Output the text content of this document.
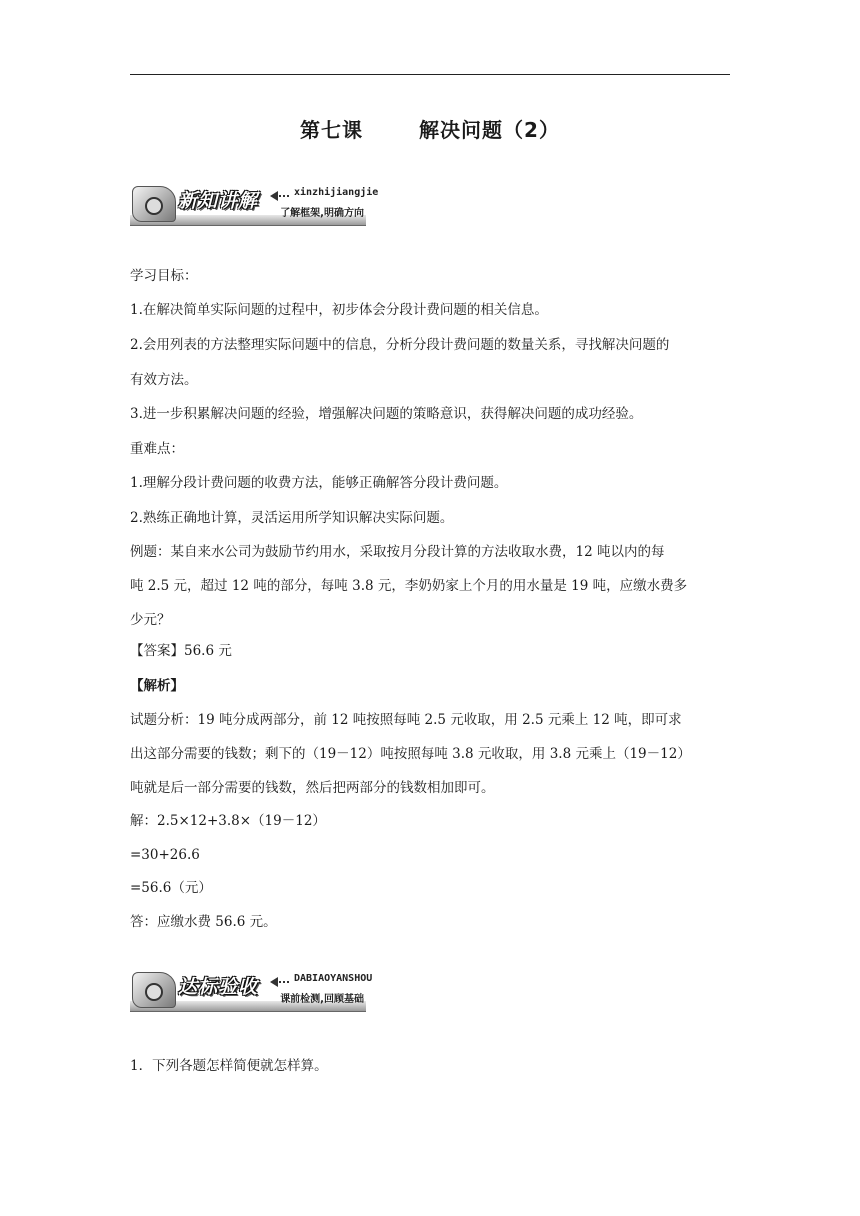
第七课	解决问题（2）
新知讲解	xinzhijiangjie
了解框架,明确方向
学习目标：
1.在解决简单实际问题的过程中，初步体会分段计费问题的相关信息。
2.会用列表的方法整理实际问题中的信息，分析分段计费问题的数量关系，寻找解决问题的
有效方法。
3.进一步积累解决问题的经验，增强解决问题的策略意识，获得解决问题的成功经验。
重难点：
1.理解分段计费问题的收费方法，能够正确解答分段计费问题。
2.熟练正确地计算，灵活运用所学知识解决实际问题。
例题：某自来水公司为鼓励节约用水，采取按月分段计算的方法收取水费，12 吨以内的每
吨 2.5 元，超过 12 吨的部分，每吨 3.8 元，李奶奶家上个月的用水量是 19 吨，应缴水费多
少元？
【答案】56.6 元
【解析】
试题分析：19 吨分成两部分，前 12 吨按照每吨 2.5 元收取，用 2.5 元乘上 12 吨，即可求
出这部分需要的钱数；剩下的（19－12）吨按照每吨 3.8 元收取，用 3.8 元乘上（19－12）
吨就是后一部分需要的钱数，然后把两部分的钱数相加即可。
解：2.5×12+3.8×（19－12）
=30+26.6
=56.6（元）
答：应缴水费 56.6 元。
达标验收	DABIAOYANSHOU
课前检测,回顾基础
1．下列各题怎样简便就怎样算。
